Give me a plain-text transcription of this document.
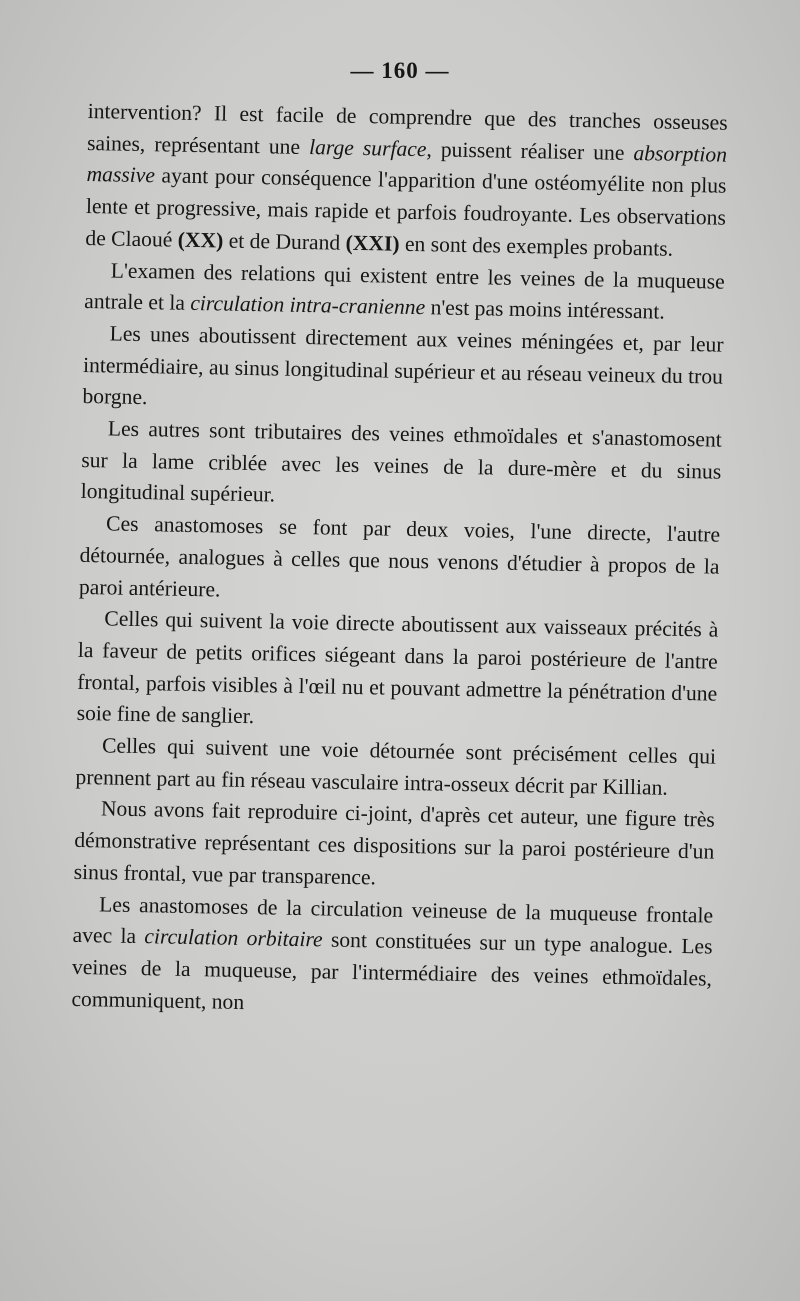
— 160 —

intervention? Il est facile de comprendre que des tranches osseuses saines, représentant une large surface, puissent réaliser une absorption massive ayant pour conséquence l'apparition d'une ostéomyélite non plus lente et progressive, mais rapide et parfois foudroyante. Les observations de Claoué (XX) et de Durand (XXI) en sont des exemples probants.

L'examen des relations qui existent entre les veines de la muqueuse antrale et la circulation intra-cranienne n'est pas moins intéressant.

Les unes aboutissent directement aux veines méningées et, par leur intermédiaire, au sinus longitudinal supérieur et au réseau veineux du trou borgne.

Les autres sont tributaires des veines ethmoïdales et s'anastomosent sur la lame criblée avec les veines de la dure-mère et du sinus longitudinal supérieur.

Ces anastomoses se font par deux voies, l'une directe, l'autre détournée, analogues à celles que nous venons d'étudier à propos de la paroi antérieure.

Celles qui suivent la voie directe aboutissent aux vaisseaux précités à la faveur de petits orifices siégeant dans la paroi postérieure de l'antre frontal, parfois visibles à l'œil nu et pouvant admettre la pénétration d'une soie fine de sanglier.

Celles qui suivent une voie détournée sont précisément celles qui prennent part au fin réseau vasculaire intra-osseux décrit par Killian.

Nous avons fait reproduire ci-joint, d'après cet auteur, une figure très démonstrative représentant ces dispositions sur la paroi postérieure d'un sinus frontal, vue par transparence.

Les anastomoses de la circulation veineuse de la muqueuse frontale avec la circulation orbitaire sont constituées sur un type analogue. Les veines de la muqueuse, par l'intermédiaire des veines ethmoïdales, communiquent, non
